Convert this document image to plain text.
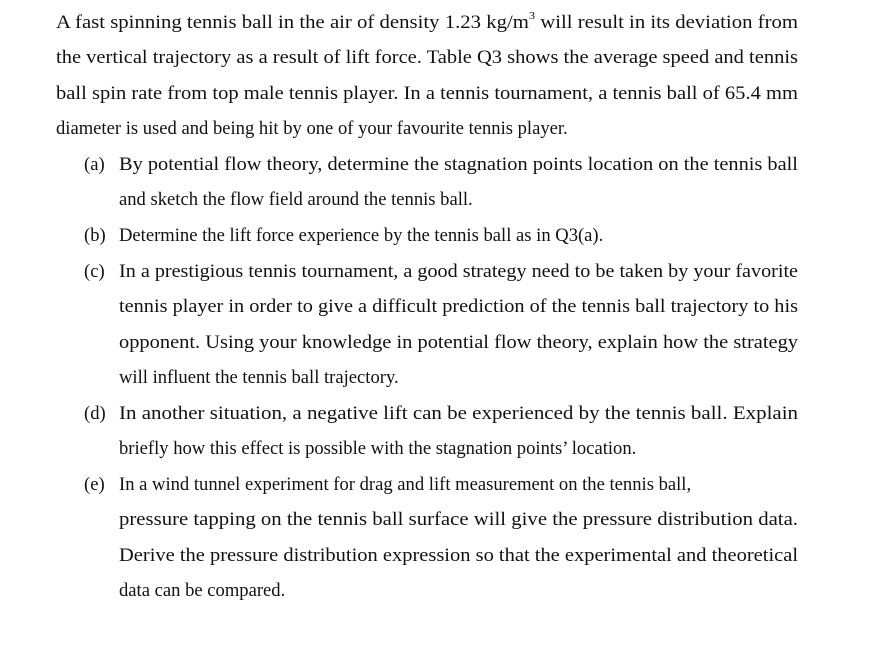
A fast spinning tennis ball in the air of density 1.23 $kg/m^3$ will result in its deviation from
the vertical trajectory as a result of lift force. Table Q3 shows the average speed and tennis
ball spin rate from top male tennis player. In a tennis tournament, a tennis ball of 65.4 mm
diameter is used and being hit by one of your favourite tennis player.
(a) By potential flow theory, determine the stagnation points location on the tennis ball
and sketch the flow field around the tennis ball.
(b) Determine the lift force experience by the tennis ball as in Q3(a).
(c) In a prestigious tennis tournament, a good strategy need to be taken by your favorite
tennis player in order to give a difficult prediction of the tennis ball trajectory to his
opponent. Using your knowledge in potential flow theory, explain how the strategy
will influent the tennis ball trajectory.
(d) In another situation, a negative lift can be experienced by the tennis ball. Explain
briefly how this effect is possible with the stagnation points’ location.
(e) In a wind tunnel experiment for drag and lift measurement on the tennis ball,
pressure tapping on the tennis ball surface will give the pressure distribution data.
Derive the pressure distribution expression so that the experimental and theoretical
data can be compared.
